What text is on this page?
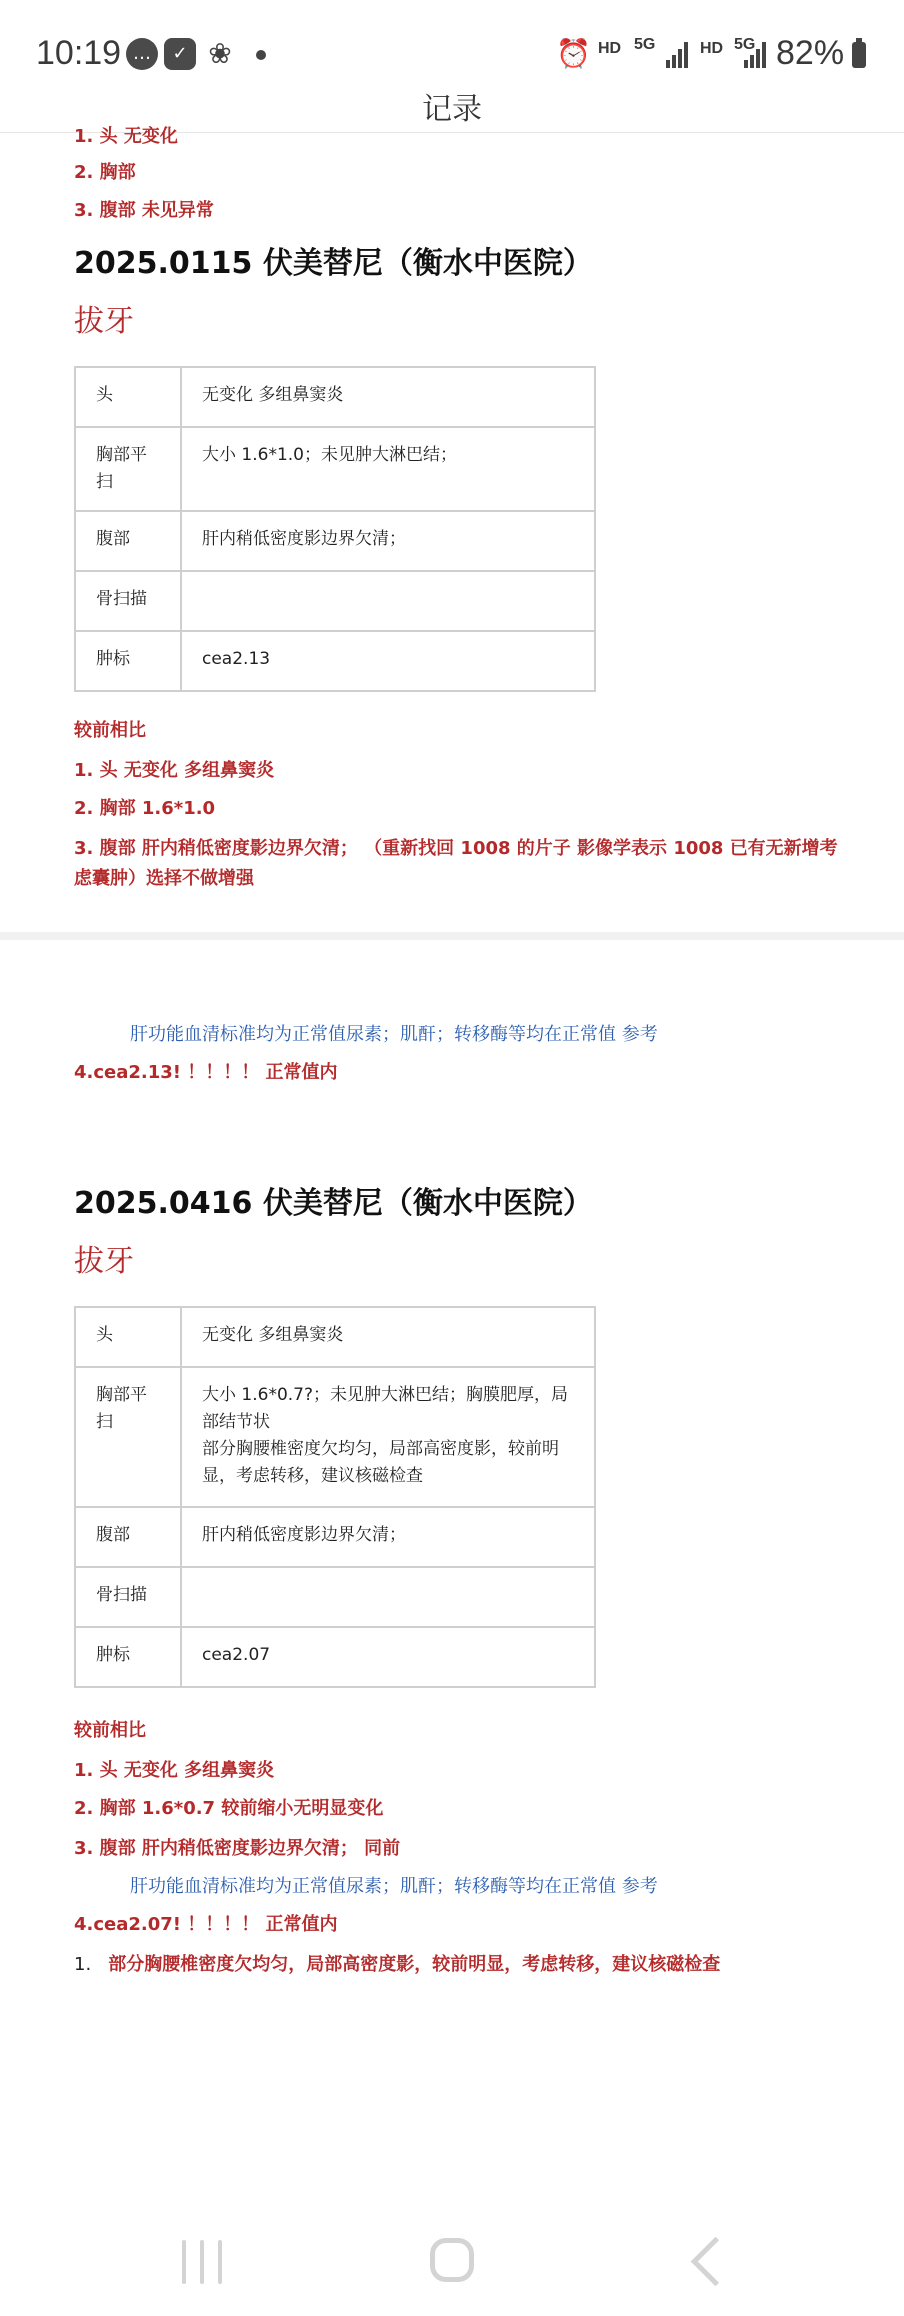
10:19 …	✓ ❀	⏰ HD 5G	HD 5G 82%
记录
1. 头 无变化
2. 胸部
3. 腹部 未见异常
2025.0115 伏美替尼（衡水中医院）
拔牙
头	无变化 多组鼻窦炎
胸部平扫	大小 1.6*1.0；未见肿大淋巴结；
腹部	肝内稍低密度影边界欠清；
骨扫描	
肿标	cea2.13
较前相比
1. 头 无变化 多组鼻窦炎
2. 胸部 1.6*1.0
3. 腹部 肝内稍低密度影边界欠清； （重新找回 1008 的片子 影像学表示 1008 已有无新增考
虑囊肿）选择不做增强
肝功能血清标准均为正常值尿素；肌酐；转移酶等均在正常值 参考
4.cea2.13! ！！！！ 正常值内
2025.0416 伏美替尼（衡水中医院）
拔牙
头	无变化 多组鼻窦炎
胸部平扫	大小 1.6*0.7?；未见肿大淋巴结；胸膜肥厚，局部结节状
部分胸腰椎密度欠均匀，局部高密度影，较前明显，考虑转移，建议核磁检查

腹部	肝内稍低密度影边界欠清；
骨扫描	
肿标	cea2.07
较前相比
1. 头 无变化 多组鼻窦炎
2. 胸部 1.6*0.7 较前缩小无明显变化
3. 腹部 肝内稍低密度影边界欠清； 同前
肝功能血清标准均为正常值尿素；肌酐；转移酶等均在正常值 参考
4.cea2.07! ！！！！ 正常值内
1. 部分胸腰椎密度欠均匀，局部高密度影，较前明显，考虑转移，建议核磁检查
